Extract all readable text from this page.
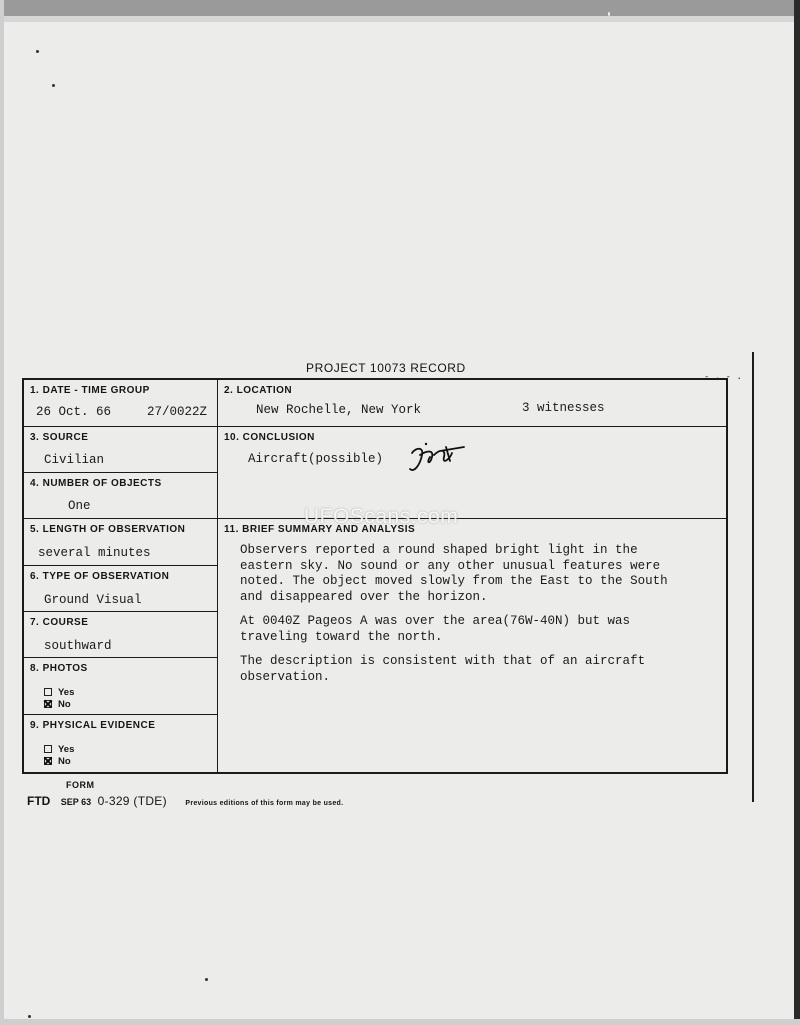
PROJECT 10073 RECORD
- . - .
1. DATE - TIME GROUP
26 Oct. 66	27/0022Z
2. LOCATION
New Rochelle, New York	3 witnesses
3. SOURCE
Civilian
4. NUMBER OF OBJECTS
One
10. CONCLUSION
Aircraft(possible)
5. LENGTH OF OBSERVATION
several minutes
6. TYPE OF OBSERVATION
Ground Visual
7. COURSE
southward
8. PHOTOS
Yes
No
9. PHYSICAL EVIDENCE
Yes
No
11. BRIEF SUMMARY AND ANALYSIS

Observers reported a round shaped bright light in the
eastern sky. No sound or any other unusual features were
noted. The object moved slowly from the East to the South
and disappeared over the horizon.

At 0040Z Pageos A was over the area(76W-40N) but was
traveling toward the north.

The description is consistent with that of an aircraft
observation.

UFOScans.com
FORM
FTD SEP 63 0-329 (TDE)	Previous editions of this form may be used.
